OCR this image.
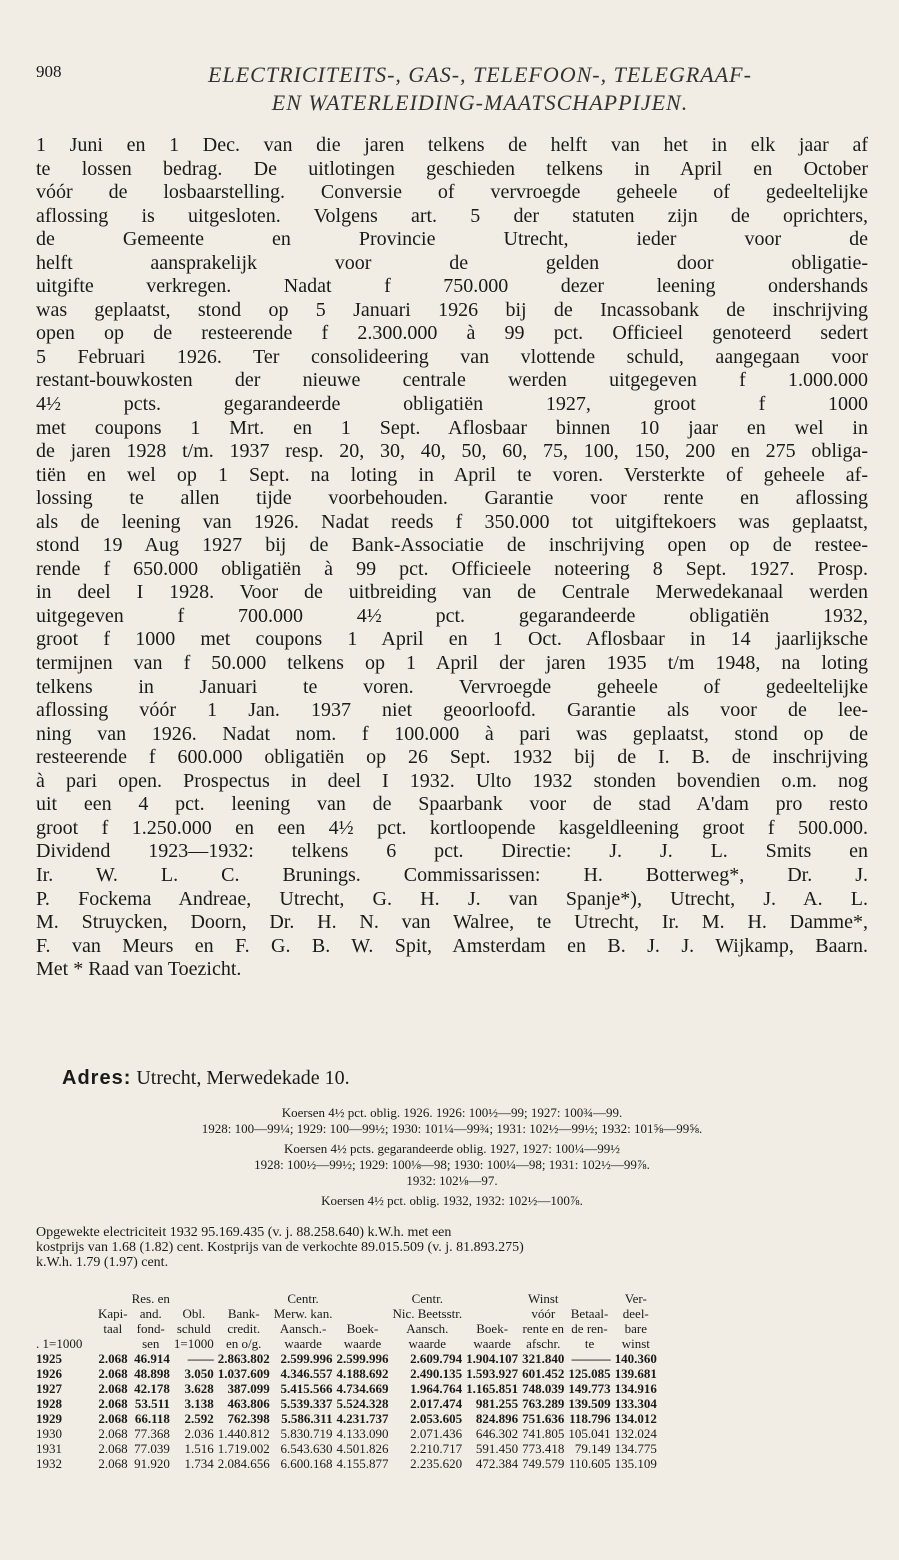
908	ELECTRICITEITS-, GAS-, TELEFOON-, TELEGRAAF-
EN WATERLEIDING-MAATSCHAPPIJEN.
1 Juni en 1 Dec. van die jaren telkens de helft van het in elk jaar af
te lossen bedrag. De uitlotingen geschieden telkens in April en October
vóór de losbaarstelling. Conversie of vervroegde geheele of gedeeltelijke
aflossing is uitgesloten. Volgens art. 5 der statuten zijn de oprichters,
de Gemeente en Provincie Utrecht, ieder voor de
helft aansprakelijk voor de gelden door obligatie-
uitgifte verkregen. Nadat f 750.000 dezer leening ondershands
was geplaatst, stond op 5 Januari 1926 bij de Incassobank de inschrijving
open op de resteerende f 2.300.000 à 99 pct. Officieel genoteerd sedert
5 Februari 1926. Ter consolideering van vlottende schuld, aangegaan voor
restant-bouwkosten der nieuwe centrale werden uitgegeven f 1.000.000
4½ pcts. gegarandeerde obligatiën 1927, groot f 1000
met coupons 1 Mrt. en 1 Sept. Aflosbaar binnen 10 jaar en wel in
de jaren 1928 t/m. 1937 resp. 20, 30, 40, 50, 60, 75, 100, 150, 200 en 275 obliga-
tiën en wel op 1 Sept. na loting in April te voren. Versterkte of geheele af-
lossing te allen tijde voorbehouden. Garantie voor rente en aflossing
als de leening van 1926. Nadat reeds f 350.000 tot uitgiftekoers was geplaatst,
stond 19 Aug 1927 bij de Bank-Associatie de inschrijving open op de restee-
rende f 650.000 obligatiën à 99 pct. Officieele noteering 8 Sept. 1927. Prosp.
in deel I 1928. Voor de uitbreiding van de Centrale Merwedekanaal werden
uitgegeven f 700.000 4½ pct. gegarandeerde obligatiën 1932,
groot f 1000 met coupons 1 April en 1 Oct. Aflosbaar in 14 jaarlijksche
termijnen van f 50.000 telkens op 1 April der jaren 1935 t/m 1948, na loting
telkens in Januari te voren. Vervroegde geheele of gedeeltelijke
aflossing vóór 1 Jan. 1937 niet geoorloofd. Garantie als voor de lee-
ning van 1926. Nadat nom. f 100.000 à pari was geplaatst, stond op de
resteerende f 600.000 obligatiën op 26 Sept. 1932 bij de I. B. de inschrijving
à pari open. Prospectus in deel I 1932. Ulto 1932 stonden bovendien o.m. nog
uit een 4 pct. leening van de Spaarbank voor de stad A'dam pro resto
groot f 1.250.000 en een 4½ pct. kortloopende kasgeldleening groot f 500.000.
Dividend 1923—1932: telkens 6 pct. Directie: J. J. L. Smits en
Ir. W. L. C. Brunings. Commissarissen: H. Botterweg*, Dr. J.
P. Fockema Andreae, Utrecht, G. H. J. van Spanje*), Utrecht, J. A. L.
M. Struycken, Doorn, Dr. H. N. van Walree, te Utrecht, Ir. M. H. Damme*,
F. van Meurs en F. G. B. W. Spit, Amsterdam en B. J. J. Wijkamp, Baarn.
Met * Raad van Toezicht.
Adres: Utrecht, Merwedekade 10.
Koersen 4½ pct. oblig. 1926. 1926: 100½—99; 1927: 100¾—99.
1928: 100—99¼; 1929: 100—99½; 1930: 101¼—99¾; 1931: 102½—99½; 1932: 101⅝—99⅝.
Koersen 4½ pcts. gegarandeerde oblig. 1927, 1927: 100¼—99½
1928: 100½—99½; 1929: 100⅛—98; 1930: 100¼—98; 1931: 102½—99⅞.
1932: 102⅛—97.
Koersen 4½ pct. oblig. 1932, 1932: 102½—100⅞.
Opgewekte electriciteit 1932 95.169.435 (v. j. 88.258.640) k.W.h. met een
kostprijs van 1.68 (1.82) cent. Kostprijs van de verkochte 89.015.509 (v. j. 81.893.275)
k.W.h. 1.79 (1.97) cent.
		Res. en			Centr.		Centr.		Winst		Ver-
	Kapi-	and.	Obl.	Bank-	Merw. kan.		Nic. Beetsstr.		vóór	Betaal-	deel-
	taal	fond-	schuld	credit.	Aansch.-	Boek-	Aansch.	Boek-	rente en	de ren-	bare
. 1=1000		sen	1=1000	en o/g.	waarde	waarde	waarde	waarde	afschr.	te	winst
1925	2.068	46.914	——	2.863.802	2.599.996	2.599.996	2.609.794	1.904.107	321.840	———	140.360
1926	2.068	48.898	3.050	1.037.609	4.346.557	4.188.692	2.490.135	1.593.927	601.452	125.085	139.681
1927	2.068	42.178	3.628	387.099	5.415.566	4.734.669	1.964.764	1.165.851	748.039	149.773	134.916
1928	2.068	53.511	3.138	463.806	5.539.337	5.524.328	2.017.474	981.255	763.289	139.509	133.304
1929	2.068	66.118	2.592	762.398	5.586.311	4.231.737	2.053.605	824.896	751.636	118.796	134.012
1930	2.068	77.368	2.036	1.440.812	5.830.719	4.133.090	2.071.436	646.302	741.805	105.041	132.024
1931	2.068	77.039	1.516	1.719.002	6.543.630	4.501.826	2.210.717	591.450	773.418	79.149	134.775
1932	2.068	91.920	1.734	2.084.656	6.600.168	4.155.877	2.235.620	472.384	749.579	110.605	135.109
